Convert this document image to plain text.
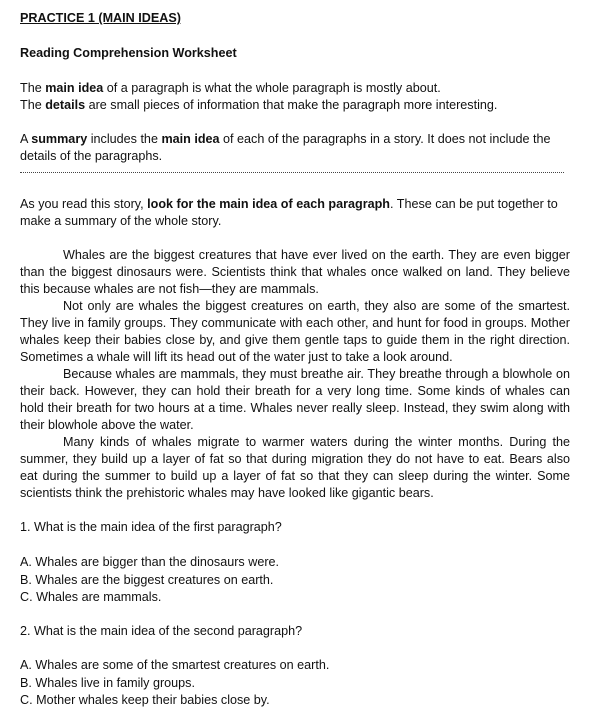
PRACTICE 1 (MAIN IDEAS)
Reading Comprehension Worksheet
The main idea of a paragraph is what the whole paragraph is mostly about.
The details are small pieces of information that make the paragraph more interesting.

A summary includes the main idea of each of the paragraphs in a story. It does not include the details of the paragraphs.

As you read this story, look for the main idea of each paragraph. These can be put together to make a summary of the whole story.

Whales are the biggest creatures that have ever lived on the earth. They are even bigger than the biggest dinosaurs were. Scientists think that whales once walked on land. They believe this because whales are not fish—they are mammals.

Not only are whales the biggest creatures on earth, they also are some of the smartest. They live in family groups. They communicate with each other, and hunt for food in groups. Mother whales keep their babies close by, and give them gentle taps to guide them in the right direction. Sometimes a whale will lift its head out of the water just to take a look around.

Because whales are mammals, they must breathe air. They breathe through a blowhole on their back. However, they can hold their breath for a very long time. Some kinds of whales can hold their breath for two hours at a time. Whales never really sleep. Instead, they swim along with their blowhole above the water.

Many kinds of whales migrate to warmer waters during the winter months. During the summer, they build up a layer of fat so that during migration they do not have to eat. Bears also eat during the summer to build up a layer of fat so that they can sleep during the winter. Some scientists think the prehistoric whales may have looked like gigantic bears.

1. What is the main idea of the first paragraph?

A. Whales are bigger than the dinosaurs were.
B. Whales are the biggest creatures on earth.
C. Whales are mammals.

2. What is the main idea of the second paragraph?

A. Whales are some of the smartest creatures on earth.
B. Whales live in family groups.
C. Mother whales keep their babies close by.
